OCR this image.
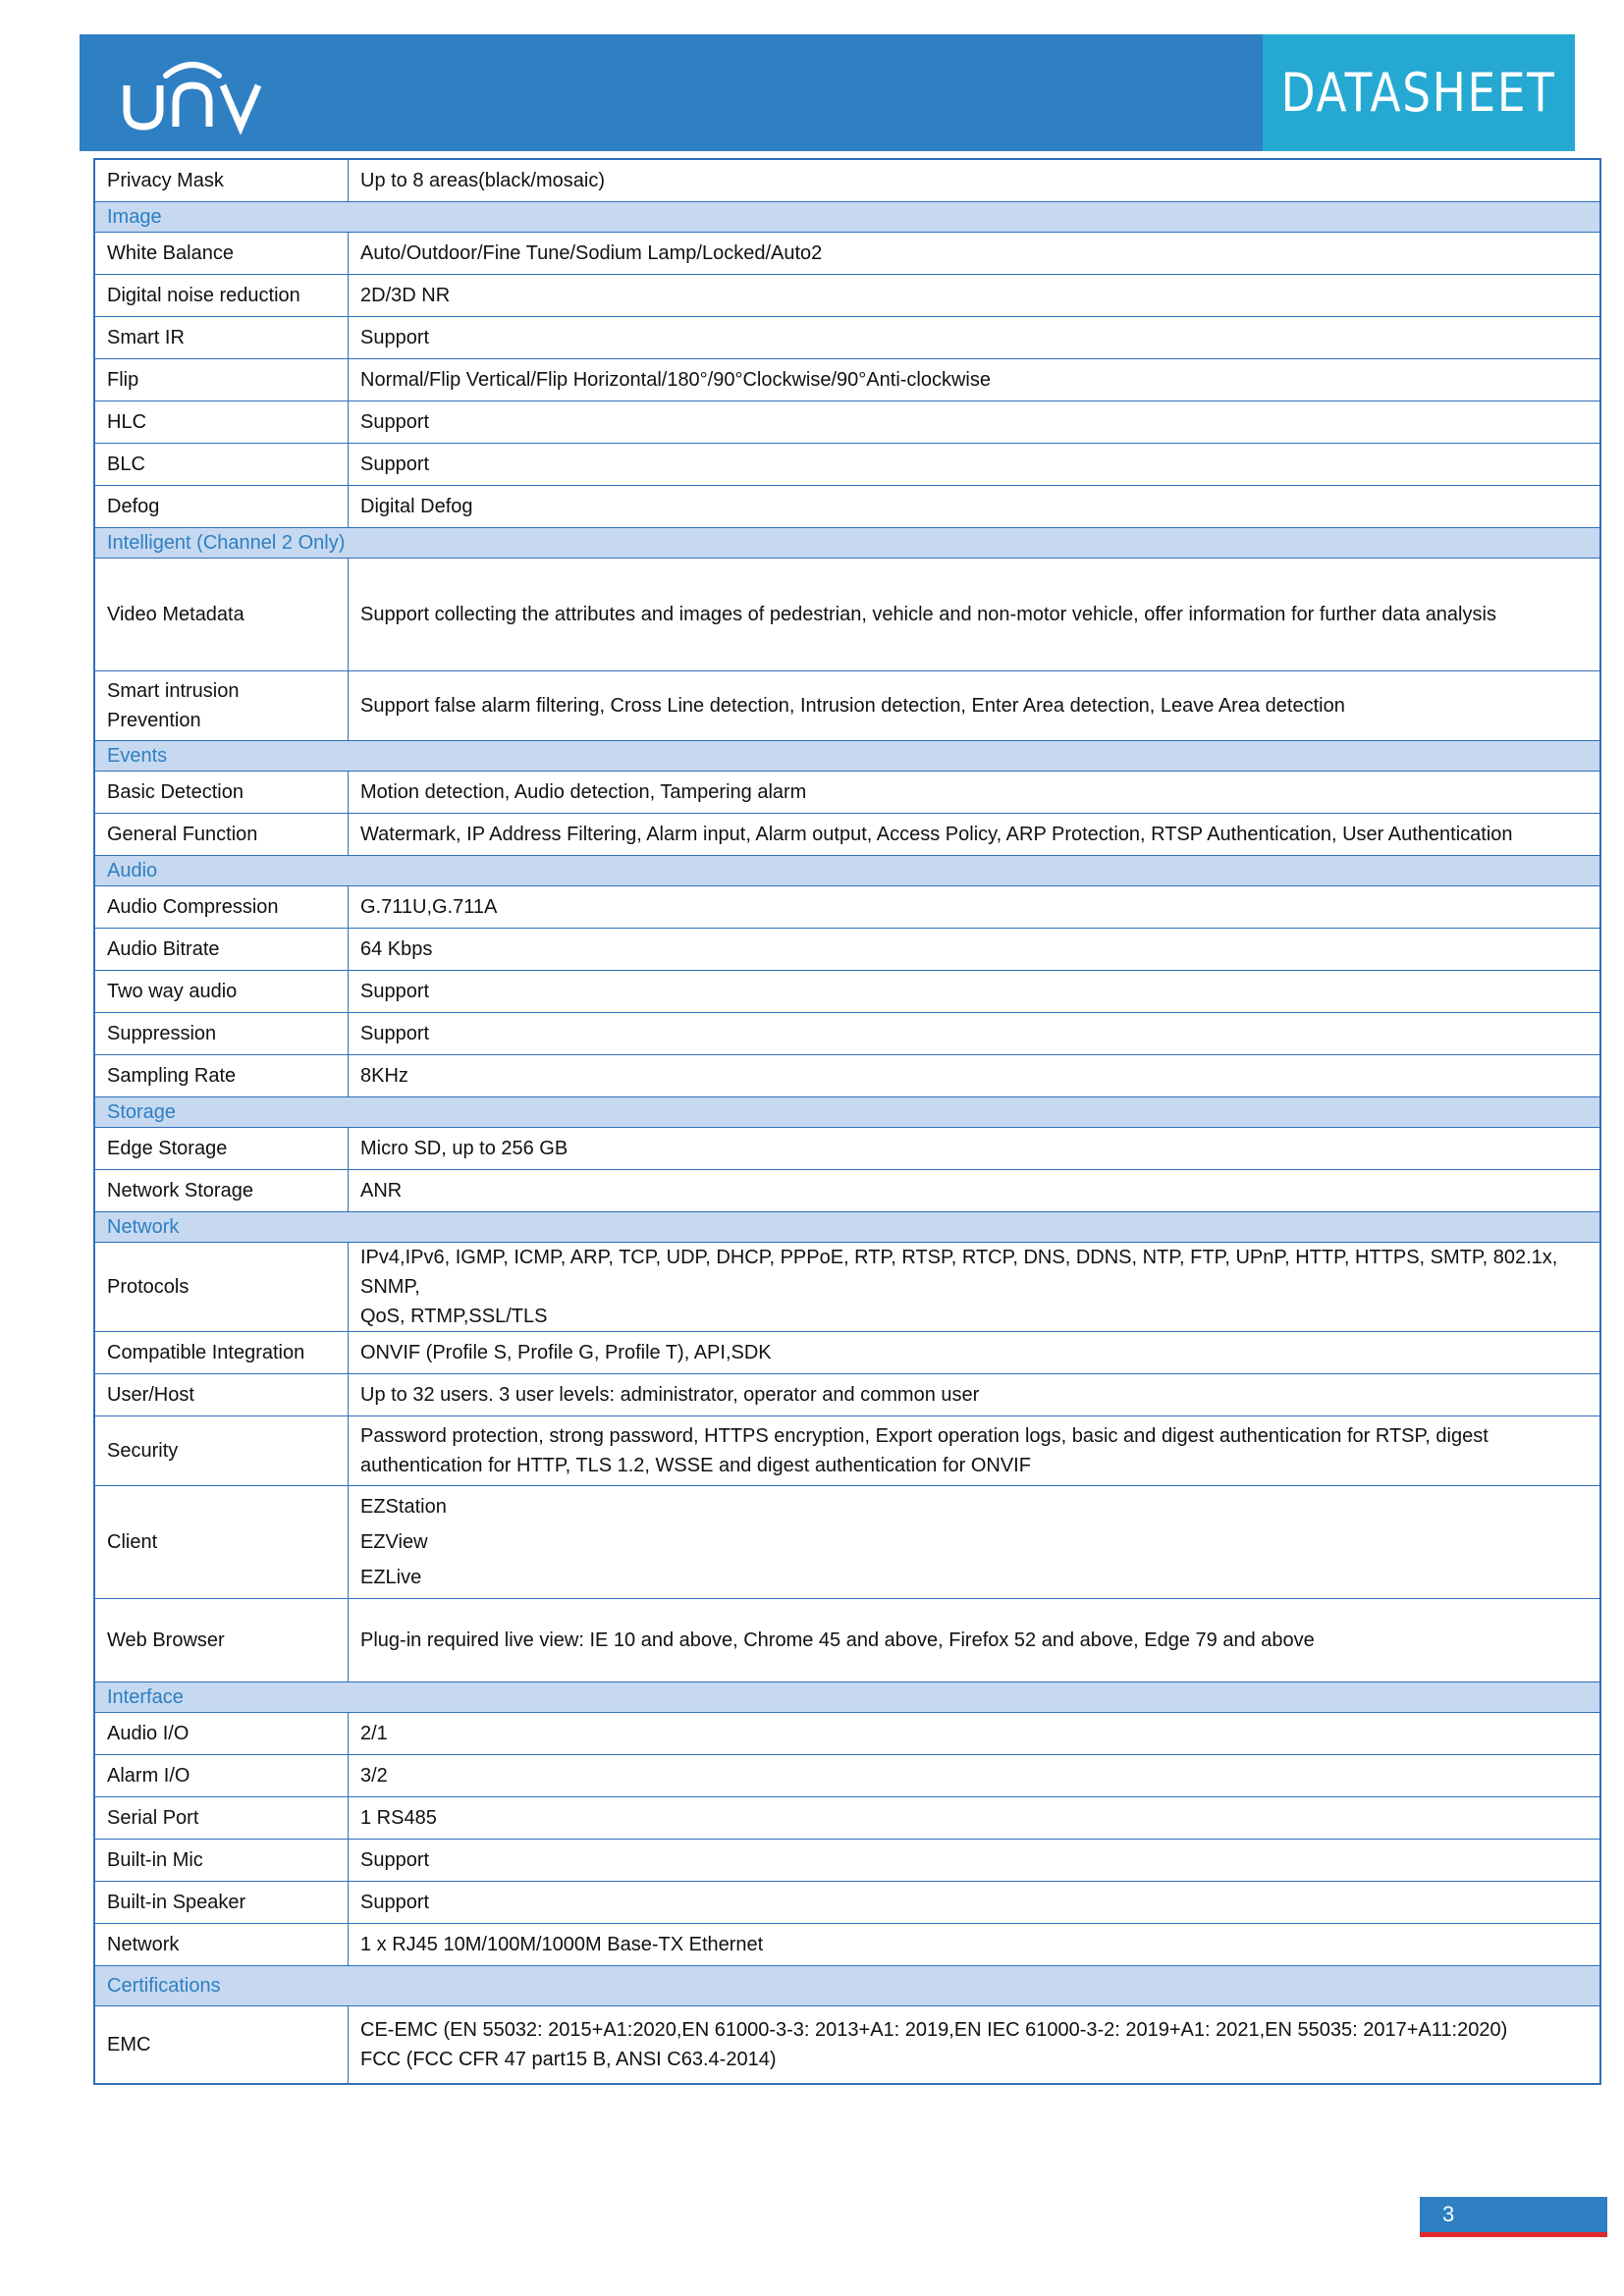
DATASHEET
Privacy Mask	Up to 8 areas(black/mosaic)

Image	
White Balance	Auto/Outdoor/Fine Tune/Sodium Lamp/Locked/Auto2

Digital noise reduction	2D/3D NR

Smart IR	Support

Flip	Normal/Flip Vertical/Flip Horizontal/180°/90°Clockwise/90°Anti-clockwise

HLC	Support

BLC	Support

Defog	Digital Defog

Intelligent (Channel 2 Only)	
Video Metadata	Support collecting the attributes and images of pedestrian, vehicle and non-motor vehicle, offer information for further data analysis

Smart intrusion Prevention	Support false alarm filtering, Cross Line detection, Intrusion detection, Enter Area detection, Leave Area detection

Events	
Basic Detection	Motion detection, Audio detection, Tampering alarm

General Function	Watermark, IP Address Filtering, Alarm input, Alarm output, Access Policy, ARP Protection, RTSP Authentication, User Authentication

Audio	
Audio Compression	G.711U,G.711A

Audio Bitrate	64 Kbps

Two way audio	Support

Suppression	Support

Sampling Rate	8KHz

Storage	
Edge Storage	Micro SD, up to 256 GB

Network Storage	ANR

Network	
Protocols	IPv4,IPv6, IGMP, ICMP, ARP, TCP, UDP, DHCP, PPPoE, RTP, RTSP, RTCP, DNS, DDNS, NTP, FTP, UPnP, HTTP, HTTPS, SMTP, 802.1x, SNMP,
QoS, RTMP,SSL/TLS

Compatible Integration	ONVIF (Profile S, Profile G, Profile T), API,SDK

User/Host	Up to 32 users. 3 user levels: administrator, operator and common user

Security	Password protection, strong password, HTTPS encryption, Export operation logs, basic and digest authentication for RTSP, digest
authentication for HTTP, TLS 1.2, WSSE and digest authentication for ONVIF

Client	EZStation
EZView
EZLive

Web Browser	Plug-in required live view: IE 10 and above, Chrome 45 and above, Firefox 52 and above, Edge 79 and above

Interface	
Audio I/O	2/1

Alarm I/O	3/2

Serial Port	1 RS485

Built-in Mic	Support

Built-in Speaker	Support

Network	1 x RJ45 10M/100M/1000M Base-TX Ethernet

Certifications	
EMC	CE-EMC (EN 55032: 2015+A1:2020,EN 61000-3-3: 2013+A1: 2019,EN IEC 61000-3-2: 2019+A1: 2021,EN 55035: 2017+A11:2020)
FCC (FCC CFR 47 part15 B, ANSI C63.4-2014)
3
